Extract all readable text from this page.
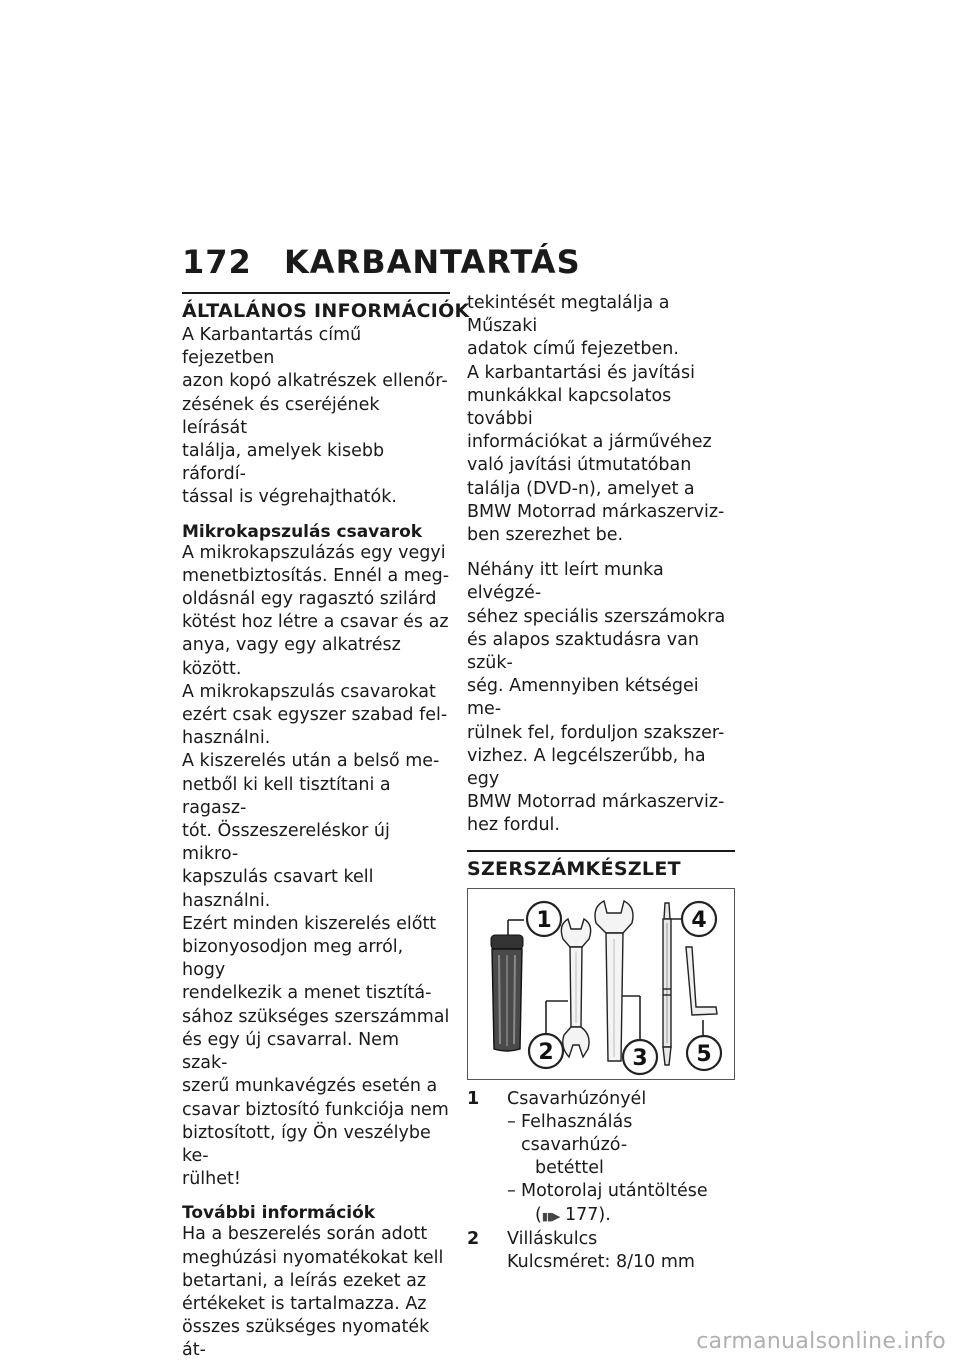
172 KARBANTARTÁS
ÁLTALÁNOS INFORMÁCIÓK

A Karbantartás című fejezetben

azon kopó alkatrészek ellenőr-

zésének és cseréjének leírását

találja, amelyek kisebb ráfordí-

tással is végrehajthatók.

Mikrokapszulás csavarok

A mikrokapszulázás egy vegyi

menetbiztosítás. Ennél a meg-

oldásnál egy ragasztó szilárd

kötést hoz létre a csavar és az

anya, vagy egy alkatrész között.

A mikrokapszulás csavarokat

ezért csak egyszer szabad fel-

használni.

A kiszerelés után a belső me-

netből ki kell tisztítani a ragasz-

tót. Összeszereléskor új mikro-

kapszulás csavart kell használni.

Ezért minden kiszerelés előtt

bizonyosodjon meg arról, hogy

rendelkezik a menet tisztítá-

sához szükséges szerszámmal

és egy új csavarral. Nem szak-

szerű munkavégzés esetén a

csavar biztosító funkciója nem

biztosított, így Ön veszélybe ke-

rülhet!

További információk

Ha a beszerelés során adott

meghúzási nyomatékokat kell

betartani, a leírás ezeket az

értékeket is tartalmazza. Az

összes szükséges nyomaték át-

tekintését megtalálja a Műszaki

adatok című fejezetben.

A karbantartási és javítási

munkákkal kapcsolatos további

információkat a járművéhez

való javítási útmutatóban

találja (DVD-n), amelyet a

BMW Motorrad márkaszerviz-

ben szerezhet be.

Néhány itt leírt munka elvégzé-

séhez speciális szerszámokra

és alapos szaktudásra van szük-

ség. Amennyiben kétségei me-

rülnek fel, forduljon szakszer-

vizhez. A legcélszerűbb, ha egy

BMW Motorrad márkaszerviz-

hez fordul.

SZERSZÁMKÉSZLET
1
2	3
4
5
1	Csavarhúzónyél
– Felhasználás csavarhúzó-
betéttel
– Motorolaj utántöltése
(▮▮▶ 177).
2	Villáskulcs
Kulcsméret: 8/10 mm
carmanualsonline.info
